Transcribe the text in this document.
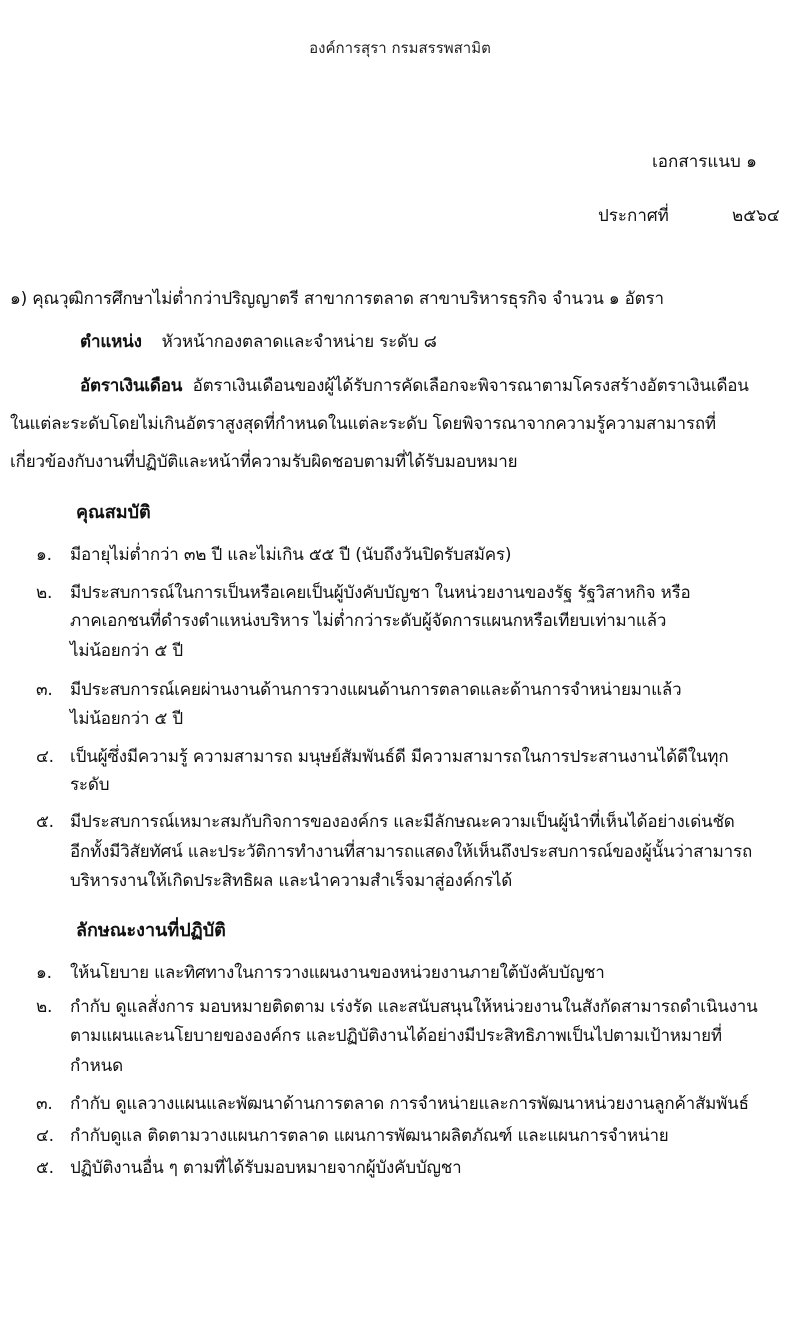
องค์การสุรา กรมสรรพสามิต
เอกสารแนบ ๑
ประกาศที่	๒๕๖๔
๑) คุณวุฒิการศึกษาไม่ต่ำกว่าปริญญาตรี สาขาการตลาด สาขาบริหารธุรกิจ จำนวน ๑ อัตรา
ตำแหน่ง หัวหน้ากองตลาดและจำหน่าย ระดับ ๘
อัตราเงินเดือน อัตราเงินเดือนของผู้ได้รับการคัดเลือกจะพิจารณาตามโครงสร้างอัตราเงินเดือน
ในแต่ละระดับโดยไม่เกินอัตราสูงสุดที่กำหนดในแต่ละระดับ โดยพิจารณาจากความรู้ความสามารถที่
เกี่ยวข้องกับงานที่ปฏิบัติและหน้าที่ความรับผิดชอบตามที่ได้รับมอบหมาย
คุณสมบัติ
๑. มีอายุไม่ต่ำกว่า ๓๒ ปี และไม่เกิน ๕๕ ปี (นับถึงวันปิดรับสมัคร)
๒. มีประสบการณ์ในการเป็นหรือเคยเป็นผู้บังคับบัญชา ในหน่วยงานของรัฐ รัฐวิสาหกิจ หรือ
ภาคเอกชนที่ดำรงตำแหน่งบริหาร ไม่ต่ำกว่าระดับผู้จัดการแผนกหรือเทียบเท่ามาแล้ว
ไม่น้อยกว่า ๕ ปี
๓. มีประสบการณ์เคยผ่านงานด้านการวางแผนด้านการตลาดและด้านการจำหน่ายมาแล้ว
ไม่น้อยกว่า ๕ ปี
๔. เป็นผู้ซึ่งมีความรู้ ความสามารถ มนุษย์สัมพันธ์ดี มีความสามารถในการประสานงานได้ดีในทุก
ระดับ
๕. มีประสบการณ์เหมาะสมกับกิจการขององค์กร และมีลักษณะความเป็นผู้นำที่เห็นได้อย่างเด่นชัด
อีกทั้งมีวิสัยทัศน์ และประวัติการทำงานที่สามารถแสดงให้เห็นถึงประสบการณ์ของผู้นั้นว่าสามารถ
บริหารงานให้เกิดประสิทธิผล และนำความสำเร็จมาสู่องค์กรได้
ลักษณะงานที่ปฏิบัติ
๑. ให้นโยบาย และทิศทางในการวางแผนงานของหน่วยงานภายใต้บังคับบัญชา
๒. กำกับ ดูแลสั่งการ มอบหมายติดตาม เร่งรัด และสนับสนุนให้หน่วยงานในสังกัดสามารถดำเนินงาน
ตามแผนและนโยบายขององค์กร และปฏิบัติงานได้อย่างมีประสิทธิภาพเป็นไปตามเป้าหมายที่
กำหนด
๓. กำกับ ดูแลวางแผนและพัฒนาด้านการตลาด การจำหน่ายและการพัฒนาหน่วยงานลูกค้าสัมพันธ์
๔. กำกับดูแล ติดตามวางแผนการตลาด แผนการพัฒนาผลิตภัณฑ์ และแผนการจำหน่าย
๕. ปฏิบัติงานอื่น ๆ ตามที่ได้รับมอบหมายจากผู้บังคับบัญชา
